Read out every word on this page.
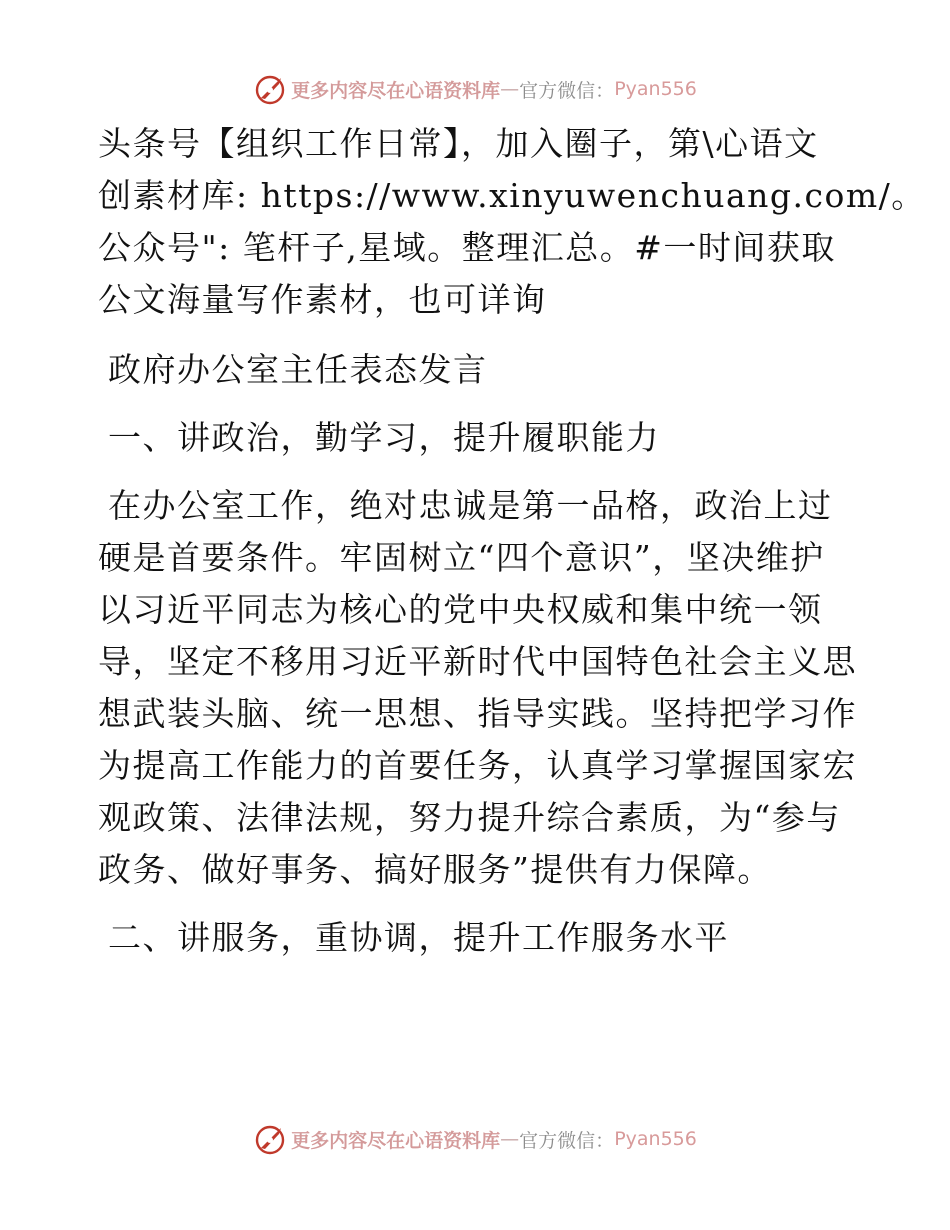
更多内容尽在心语资料库 — 官方微信： Pyan556
头条号【组织工作日常】，加入圈子，第\心语文
创素材库: https://www.xinyuwenchuang.com/。
公众号": 笔杆子,星域。整理汇总。#一时间获取
公文海量写作素材，也可详询
政府办公室主任表态发言
一、讲政治，勤学习，提升履职能力
在办公室工作，绝对忠诚是第一品格，政治上过
硬是首要条件。牢固树立“四个意识”，坚决维护
以习近平同志为核心的党中央权威和集中统一领
导，坚定不移用习近平新时代中国特色社会主义思
想武装头脑、统一思想、指导实践。坚持把学习作
为提高工作能力的首要任务，认真学习掌握国家宏
观政策、法律法规，努力提升综合素质，为“参与
政务、做好事务、搞好服务”提供有力保障。
二、讲服务，重协调，提升工作服务水平
更多内容尽在心语资料库 — 官方微信： Pyan556
